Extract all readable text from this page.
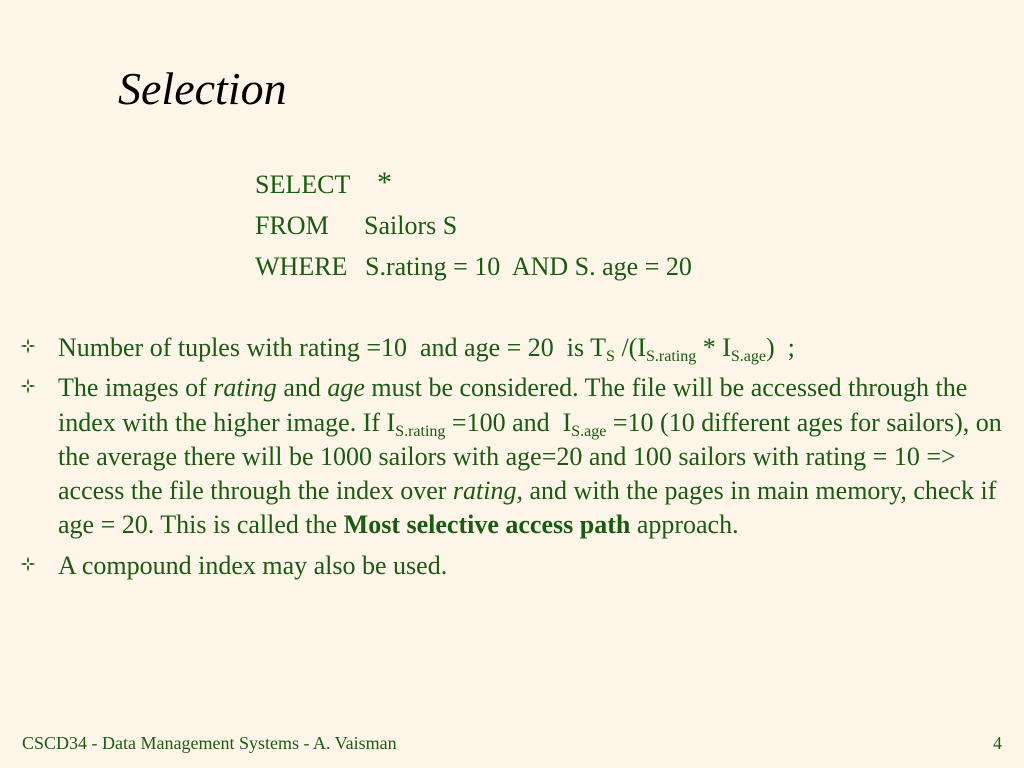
Selection
SELECT *
FROM Sailors S
WHERE S.rating = 10  AND S. age = 20
Number of tuples with rating =10  and age = 20  is $T_S$ $/(I_{S.rating} * I_{S.age})$  ;
The images of rating and age must be considered. The file will be accessed through the index with the higher image. If $I_{S.rating} =100$ and  $I_{S.age} =10$ (10 different ages for sailors), on the average there will be 1000 sailors with age=20 and 100 sailors with rating = 10 => access the file through the index over rating, and with the pages in main memory, check if age = 20. This is called the Most selective access path approach.
A compound index may also be used.
CSCD34 - Data Management Systems - A. Vaisman	4
